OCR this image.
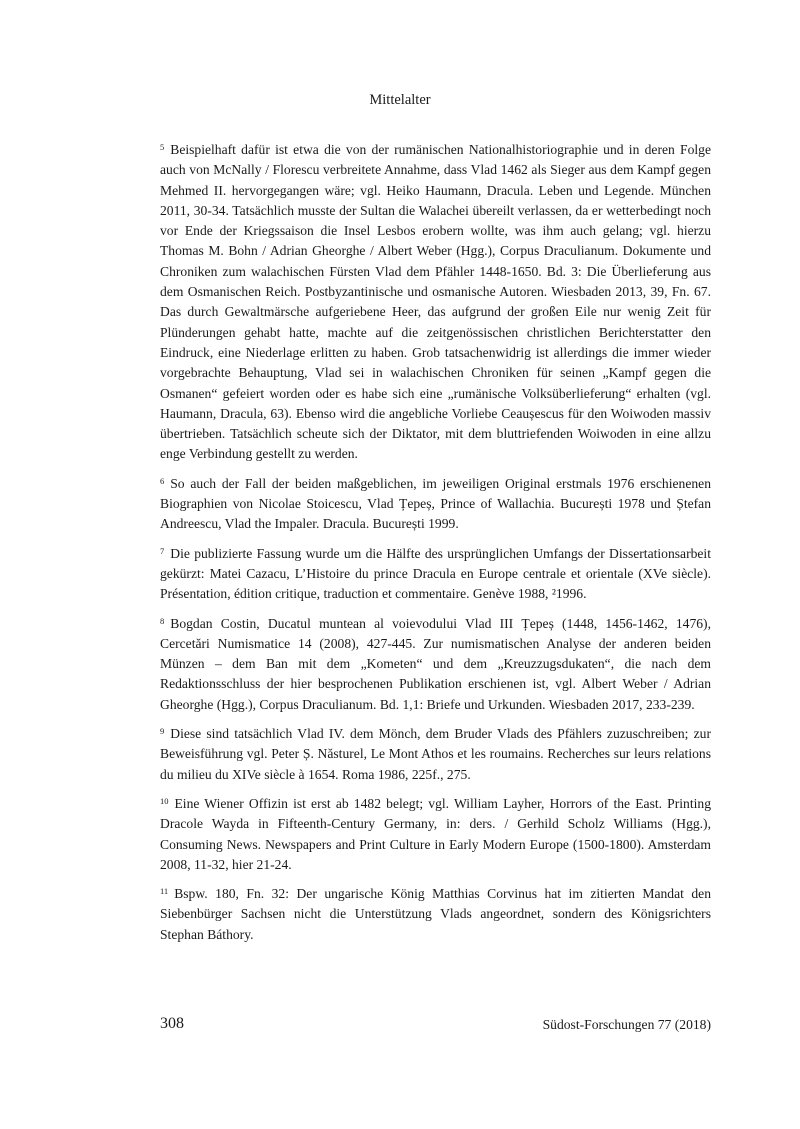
Mittelalter

$^5$ Beispielhaft dafür ist etwa die von der rumänischen Nationalhistoriographie und in deren Folge auch von McNally / Florescu verbreitete Annahme, dass Vlad 1462 als Sieger aus dem Kampf gegen Mehmed II. hervorgegangen wäre; vgl. Heiko Haumann, Dracula. Leben und Legende. München 2011, 30-34. Tatsächlich musste der Sultan die Walachei übereilt verlassen, da er wetterbedingt noch vor Ende der Kriegssaison die Insel Lesbos erobern wollte, was ihm auch gelang; vgl. hierzu Thomas M. Bohn / Adrian Gheorghe / Albert Weber (Hgg.), Corpus Draculianum. Dokumente und Chroniken zum walachischen Fürsten Vlad dem Pfähler 1448-1650. Bd. 3: Die Überlieferung aus dem Osmanischen Reich. Postbyzantinische und osmanische Autoren. Wiesbaden 2013, 39, Fn. 67. Das durch Gewaltmärsche aufgeriebene Heer, das aufgrund der großen Eile nur wenig Zeit für Plünderungen gehabt hatte, machte auf die zeitgenössischen christlichen Berichterstatter den Eindruck, eine Niederlage erlitten zu haben. Grob tatsachenwidrig ist allerdings die immer wieder vorgebrachte Behauptung, Vlad sei in walachischen Chroniken für seinen „Kampf gegen die Osmanen“ gefeiert worden oder es habe sich eine „rumänische Volksüberlieferung“ erhalten (vgl. Haumann, Dracula, 63). Ebenso wird die angebliche Vorliebe Ceaușescus für den Woiwoden massiv übertrieben. Tatsächlich scheute sich der Diktator, mit dem bluttriefenden Woiwoden in eine allzu enge Verbindung gestellt zu werden.

$^6$ So auch der Fall der beiden maßgeblichen, im jeweiligen Original erstmals 1976 erschienenen Biographien von Nicolae Stoicescu, Vlad Țepeș, Prince of Wallachia. București 1978 und Ștefan Andreescu, Vlad the Impaler. Dracula. București 1999.

$^7$ Die publizierte Fassung wurde um die Hälfte des ursprünglichen Umfangs der Dissertationsarbeit gekürzt: Matei Cazacu, L’Histoire du prince Dracula en Europe centrale et orientale (XVe siècle). Présentation, édition critique, traduction et commentaire. Genève 1988, ²1996.

$^8$ Bogdan Costin, Ducatul muntean al voievodului Vlad III Țepeș (1448, 1456-1462, 1476), Cercetări Numismatice 14 (2008), 427-445. Zur numismatischen Analyse der anderen beiden Münzen – dem Ban mit dem „Kometen“ und dem „Kreuzzugsdukaten“, die nach dem Redaktionsschluss der hier besprochenen Publikation erschienen ist, vgl. Albert Weber / Adrian Gheorghe (Hgg.), Corpus Draculianum. Bd. 1,1: Briefe und Urkunden. Wiesbaden 2017, 233-239.

$^9$ Diese sind tatsächlich Vlad IV. dem Mönch, dem Bruder Vlads des Pfählers zuzuschreiben; zur Beweisführung vgl. Peter Ș. Năsturel, Le Mont Athos et les roumains. Recherches sur leurs relations du milieu du XIVe siècle à 1654. Roma 1986, 225f., 275.

$^{10}$ Eine Wiener Offizin ist erst ab 1482 belegt; vgl. William Layher, Horrors of the East. Printing Dracole Wayda in Fifteenth-Century Germany, in: ders. / Gerhild Scholz Williams (Hgg.), Consuming News. Newspapers and Print Culture in Early Modern Europe (1500-1800). Amsterdam 2008, 11-32, hier 21-24.

$^{11}$ Bspw. 180, Fn. 32: Der ungarische König Matthias Corvinus hat im zitierten Mandat den Siebenbürger Sachsen nicht die Unterstützung Vlads angeordnet, sondern des Königsrichters Stephan Báthory.

308	Südost-Forschungen 77 (2018)
